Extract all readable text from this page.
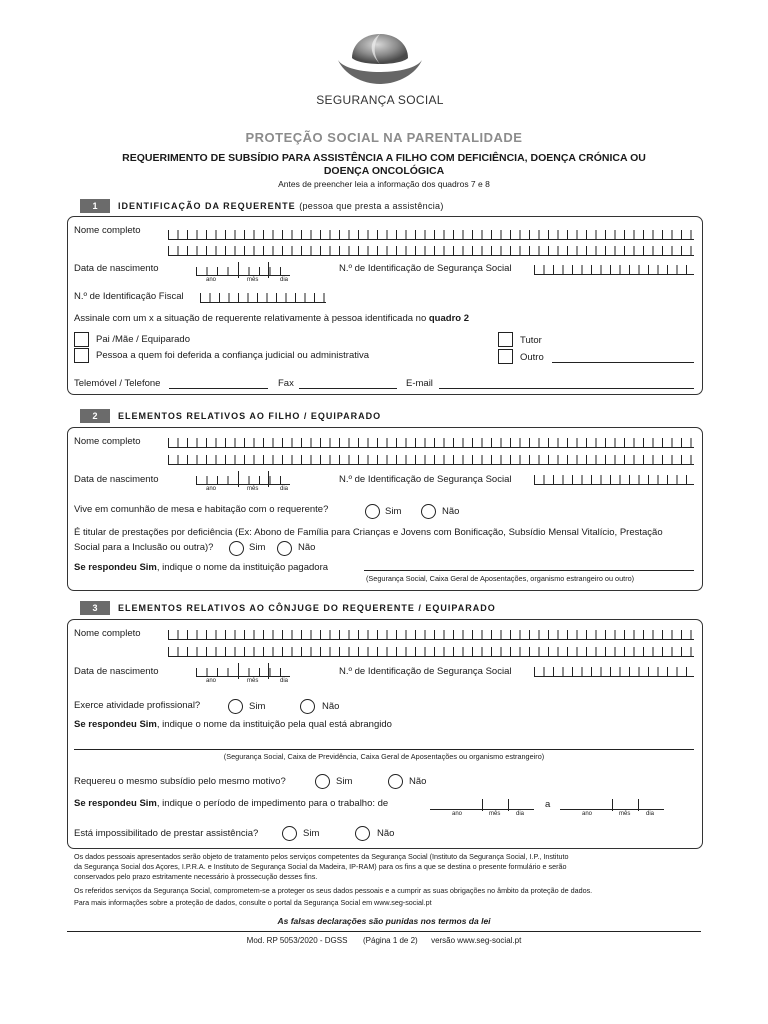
SEGURANÇA SOCIAL
PROTEÇÃO SOCIAL NA PARENTALIDADE
REQUERIMENTO DE SUBSÍDIO PARA ASSISTÊNCIA A FILHO COM DEFICIÊNCIA, DOENÇA CRÓNICA OU
DOENÇA ONCOLÓGICA
Antes de preencher leia a informação dos quadros 7 e 8
1	IDENTIFICAÇÃO DA REQUERENTE (pessoa que presta a assistência)
Nome completo
Data de nascimento
ano	mês	dia
N.º de Identificação de Segurança Social
N.º de Identificação Fiscal
Assinale com um x a situação de requerente relativamente à pessoa identificada no quadro 2
Pai /Mãe / Equiparado
Pessoa a quem foi deferida a confiança judicial ou administrativa
Tutor
Outro
Telemóvel / Telefone	Fax	E-mail
2	ELEMENTOS RELATIVOS AO FILHO / EQUIPARADO
Nome completo
Data de nascimento
ano	mês	dia
N.º de Identificação de Segurança Social
Vive em comunhão de mesa e habitação com o requerente?	Sim	Não
É titular de prestações por deficiência (Ex: Abono de Família para Crianças e Jovens com Bonificação, Subsídio Mensal Vitalício, Prestação
Social para a Inclusão ou outra)?	Sim	Não
Se respondeu Sim, indique o nome da instituição pagadora
(Segurança Social, Caixa Geral de Aposentações, organismo estrangeiro ou outro)
3	ELEMENTOS RELATIVOS AO CÔNJUGE DO REQUERENTE / EQUIPARADO
Nome completo
Data de nascimento
ano	mês	dia
N.º de Identificação de Segurança Social
Exerce atividade profissional?	Sim	Não
Se respondeu Sim, indique o nome da instituição pela qual está abrangido
(Segurança Social, Caixa de Previdência, Caixa Geral de Aposentações ou organismo estrangeiro)
Requereu o mesmo subsídio pelo mesmo motivo?	Sim	Não
Se respondeu Sim, indique o período de impedimento para o trabalho: de
ano	mês	dia
a
ano	mês	dia
Está impossibilitado de prestar assistência?	Sim	Não
Os dados pessoais apresentados serão objeto de tratamento pelos serviços competentes da Segurança Social (Instituto da Segurança Social, I.P., Instituto
da Segurança Social dos Açores, I.P.R.A. e Instituto de Segurança Social da Madeira, IP-RAM) para os fins a que se destina o presente formulário e serão
conservados pelo prazo estritamente necessário à prossecução desses fins.
Os referidos serviços da Segurança Social, comprometem-se a proteger os seus dados pessoais e a cumprir as suas obrigações no âmbito da proteção de dados.
Para mais informações sobre a proteção de dados, consulte o portal da Segurança Social em www.seg-social.pt
As falsas declarações são punidas nos termos da lei
Mod. RP 5053/2020 - DGSS (Página 1 de 2) versão www.seg-social.pt
